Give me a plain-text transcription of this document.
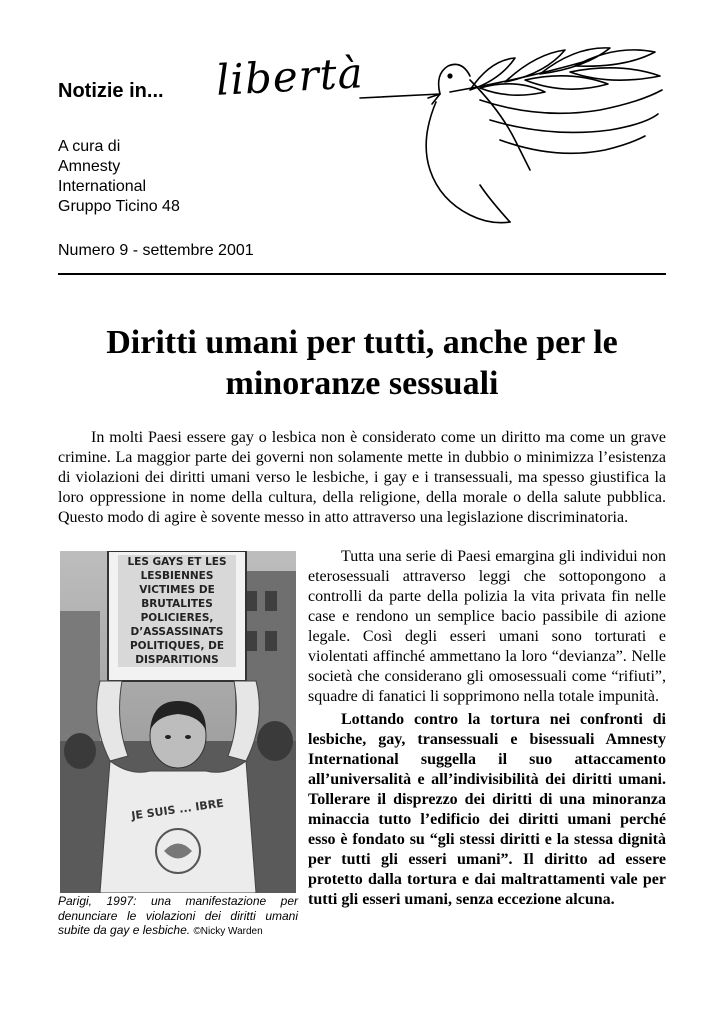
Notizie in... libertà
A cura di
Amnesty
International
Gruppo Ticino 48
Numero 9 - settembre 2001
Diritti umani per tutti, anche per le
minoranze sessuali

In molti Paesi essere gay o lesbica non è considerato come un diritto ma come un grave crimine. La maggior parte dei governi non solamente mette in dubbio o minimizza l’esistenza di violazioni dei diritti umani verso le lesbiche, i gay e i transessuali, ma spesso giustifica la loro oppressione in nome della cultura, della religione, della morale o della salute pubblica. Questo modo di agire è sovente messo in atto attraverso una legislazione discriminatoria.

LES GAYS ET LES
LESBIENNES
VICTIMES DE
BRUTALITES
POLICIERES,
D’ASSASSINATS
POLITIQUES, DE
DISPARITIONS
JE SUIS ... IBRE

Parigi, 1997: una manifestazione per denunciare le violazioni dei diritti umani subite da gay e lesbiche. ©Nicky Warden

Tutta una serie di Paesi emargina gli individui non eterosessuali attraverso leggi che sottopongono a controlli da parte della polizia la vita privata fin nelle case e rendono un semplice bacio passibile di azione legale. Così degli esseri umani sono torturati e violentati affinché ammettano la loro “devianza”. Nelle società che considerano gli omosessuali come “rifiuti”, squadre di fanatici li sopprimono nella totale impunità.

Lottando contro la tortura nei confronti di lesbiche, gay, transessuali e bisessuali Amnesty International suggella il suo attaccamento all’universalità e all’indivisibilità dei diritti umani. Tollerare il disprezzo dei diritti di una minoranza minaccia tutto l’edificio dei diritti umani perché esso è fondato su “gli stessi diritti e la stessa dignità per tutti gli esseri umani”. Il diritto ad essere protetto dalla tortura e dai maltrattamenti vale per tutti gli esseri umani, senza eccezione alcuna.
